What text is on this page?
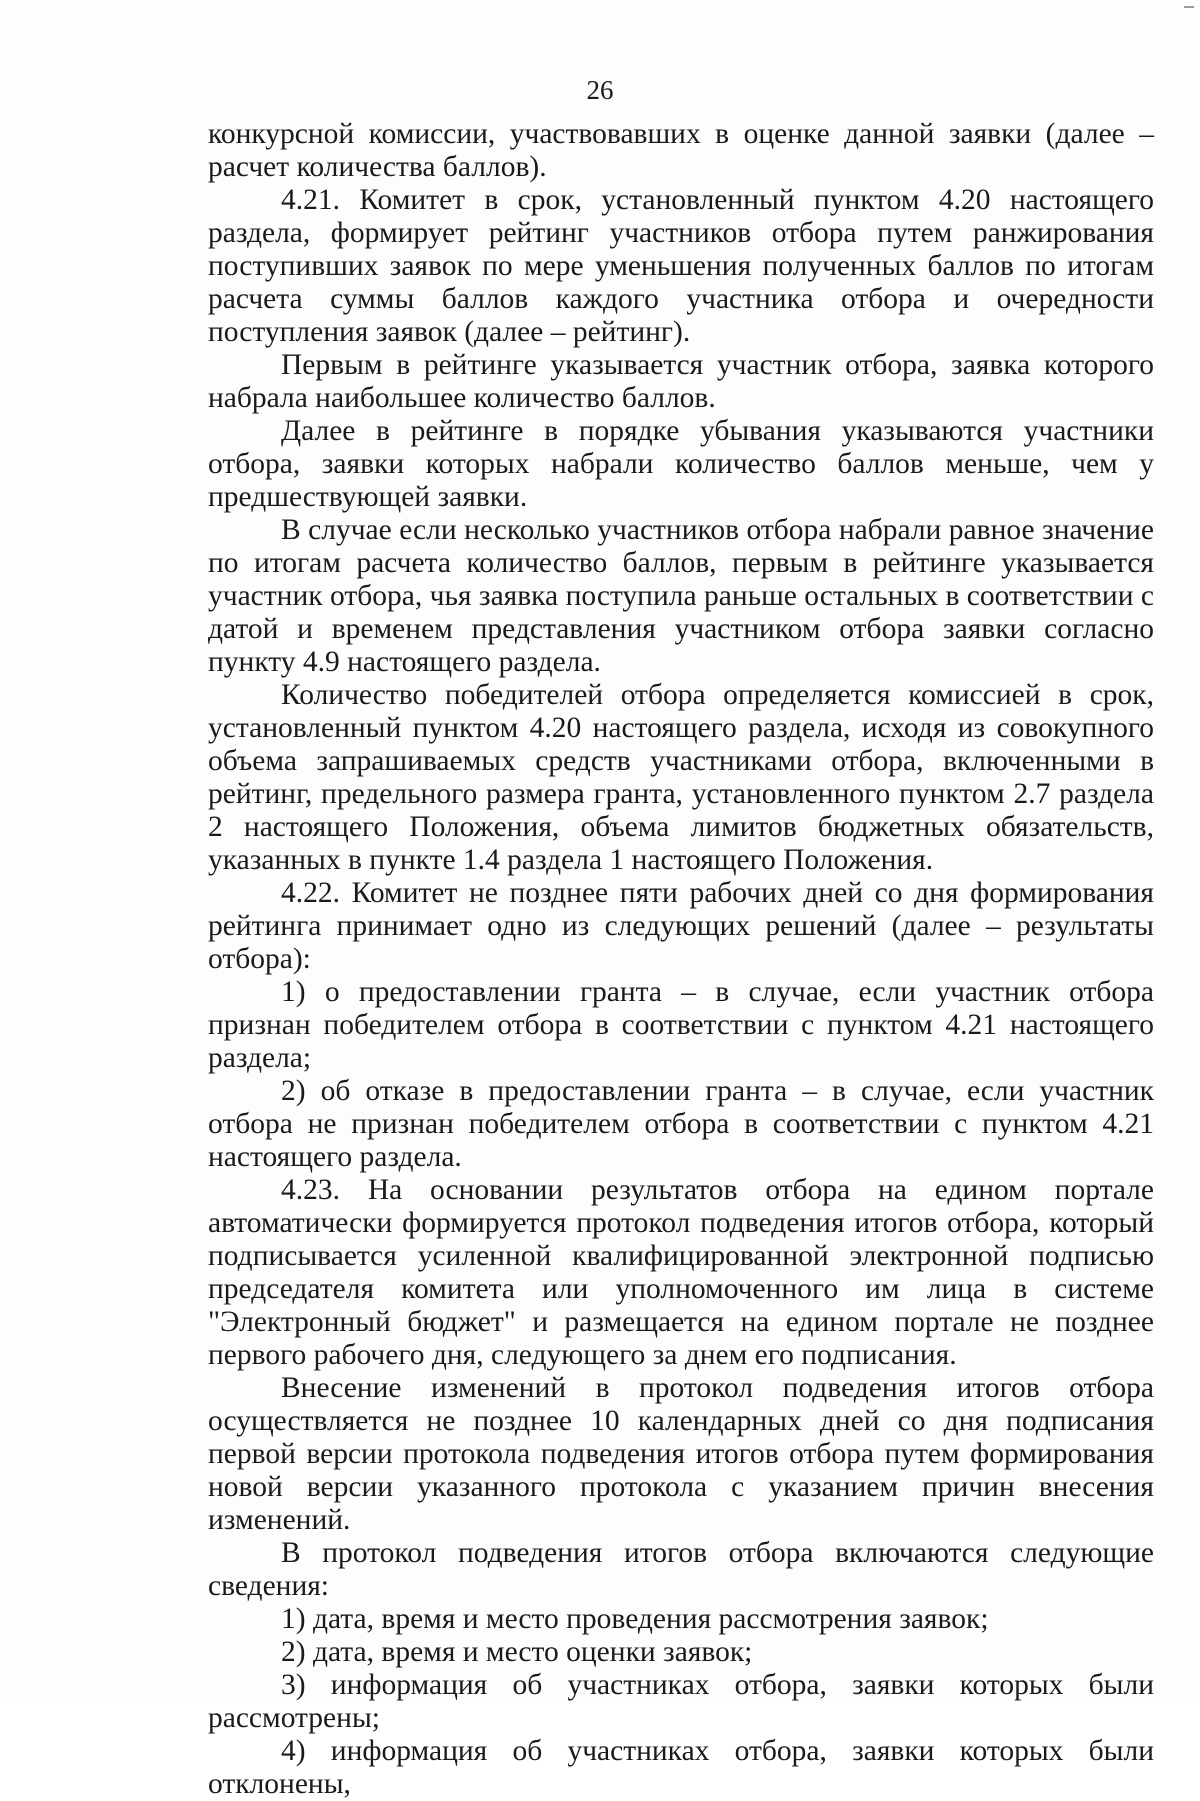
26

конкурсной комиссии, участвовавших в оценке данной заявки (далее – расчет количества баллов).

4.21. Комитет в срок, установленный пунктом 4.20 настоящего раздела, формирует рейтинг участников отбора путем ранжирования поступивших заявок по мере уменьшения полученных баллов по итогам расчета суммы баллов каждого участника отбора и очередности поступления заявок (далее – рейтинг).

Первым в рейтинге указывается участник отбора, заявка которого набрала наибольшее количество баллов.

Далее в рейтинге в порядке убывания указываются участники отбора, заявки которых набрали количество баллов меньше, чем у предшествующей заявки.

В случае если несколько участников отбора набрали равное значение по итогам расчета количество баллов, первым в рейтинге указывается участник отбора, чья заявка поступила раньше остальных в соответствии с датой и временем представления участником отбора заявки согласно пункту 4.9 настоящего раздела.

Количество победителей отбора определяется комиссией в срок, установленный пунктом 4.20 настоящего раздела, исходя из совокупного объема запрашиваемых средств участниками отбора, включенными в рейтинг, предельного размера гранта, установленного пунктом 2.7 раздела 2 настоящего Положения, объема лимитов бюджетных обязательств, указанных в пункте 1.4 раздела 1 настоящего Положения.

4.22. Комитет не позднее пяти рабочих дней со дня формирования рейтинга принимает одно из следующих решений (далее – результаты отбора):

1) о предоставлении гранта – в случае, если участник отбора признан победителем отбора в соответствии с пунктом 4.21 настоящего раздела;

2) об отказе в предоставлении гранта – в случае, если участник отбора не признан победителем отбора в соответствии с пунктом 4.21 настоящего раздела.

4.23. На основании результатов отбора на едином портале автоматически формируется протокол подведения итогов отбора, который подписывается усиленной квалифицированной электронной подписью председателя комитета или уполномоченного им лица в системе "Электронный бюджет" и размещается на едином портале не позднее первого рабочего дня, следующего за днем его подписания.

Внесение изменений в протокол подведения итогов отбора осуществляется не позднее 10 календарных дней со дня подписания первой версии протокола подведения итогов отбора путем формирования новой версии указанного протокола с указанием причин внесения изменений.

В протокол подведения итогов отбора включаются следующие сведения:

1) дата, время и место проведения рассмотрения заявок;

2) дата, время и место оценки заявок;

3) информация об участниках отбора, заявки которых были рассмотрены;

4) информация об участниках отбора, заявки которых были отклонены,
